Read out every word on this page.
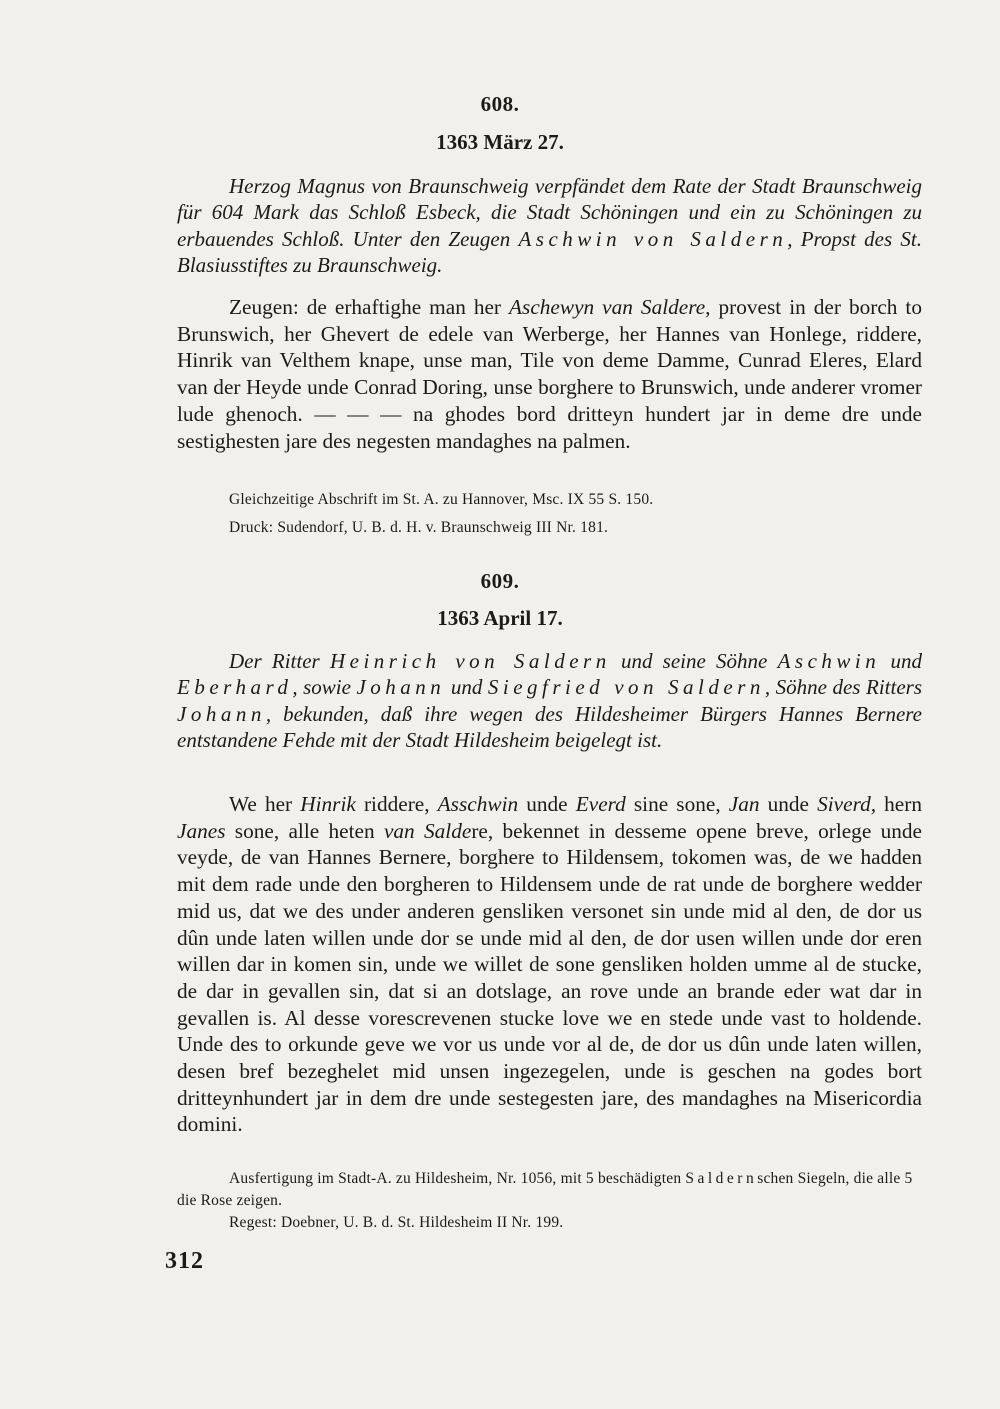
608.
1363 März 27.
Herzog Magnus von Braunschweig verpfändet dem Rate der Stadt Braunschweig für 604 Mark das Schloß Esbeck, die Stadt Schöningen und ein zu Schöningen zu erbauendes Schloß. Unter den Zeugen Aschwin von Saldern, Propst des St. Blasiusstiftes zu Braunschweig.
Zeugen: de erhaftighe man her Aschewyn van Saldere, provest in der borch to Brunswich, her Ghevert de edele van Werberge, her Hannes van Honlege, riddere, Hinrik van Velthem knape, unse man, Tile von deme Damme, Cunrad Eleres, Elard van der Heyde unde Conrad Doring, unse borghere to Brunswich, unde anderer vromer lude ghenoch. — — — na ghodes bord dritteyn hundert jar in deme dre unde sestighesten jare des negesten mandaghes na palmen.
Gleichzeitige Abschrift im St. A. zu Hannover, Msc. IX 55 S. 150.
Druck: Sudendorf, U. B. d. H. v. Braunschweig III Nr. 181.
609.
1363 April 17.
Der Ritter Heinrich von Saldern und seine Söhne Aschwin und Eberhard, sowie Johann und Siegfried von Saldern, Söhne des Ritters Johann, bekunden, daß ihre wegen des Hildesheimer Bürgers Hannes Bernere entstandene Fehde mit der Stadt Hildesheim beigelegt ist.
We her Hinrik riddere, Asschwin unde Everd sine sone, Jan unde Siverd, hern Janes sone, alle heten van Saldere, bekennet in desseme opene breve, orlege unde veyde, de van Hannes Bernere, borghere to Hildensem, tokomen was, de we hadden mit dem rade unde den borgheren to Hildensem unde de rat unde de borghere wedder mid us, dat we des under anderen gensliken versonet sin unde mid al den, de dor us dûn unde laten willen unde dor se unde mid al den, de dor usen willen unde dor eren willen dar in komen sin, unde we willet de sone gensliken holden umme al de stucke, de dar in gevallen sin, dat si an dotslage, an rove unde an brande eder wat dar in gevallen is. Al desse vorescrevenen stucke love we en stede unde vast to holdende. Unde des to orkunde geve we vor us unde vor al de, de dor us dûn unde laten willen, desen bref bezeghelet mid unsen ingezegelen, unde is geschen na godes bort dritteynhundert jar in dem dre unde sestegesten jare, des mandaghes na Misericordia domini.
Ausfertigung im Stadt-A. zu Hildesheim, Nr. 1056, mit 5 beschädigten Saldernschen Siegeln, die alle 5 die Rose zeigen.
Regest: Doebner, U. B. d. St. Hildesheim II Nr. 199.
312
